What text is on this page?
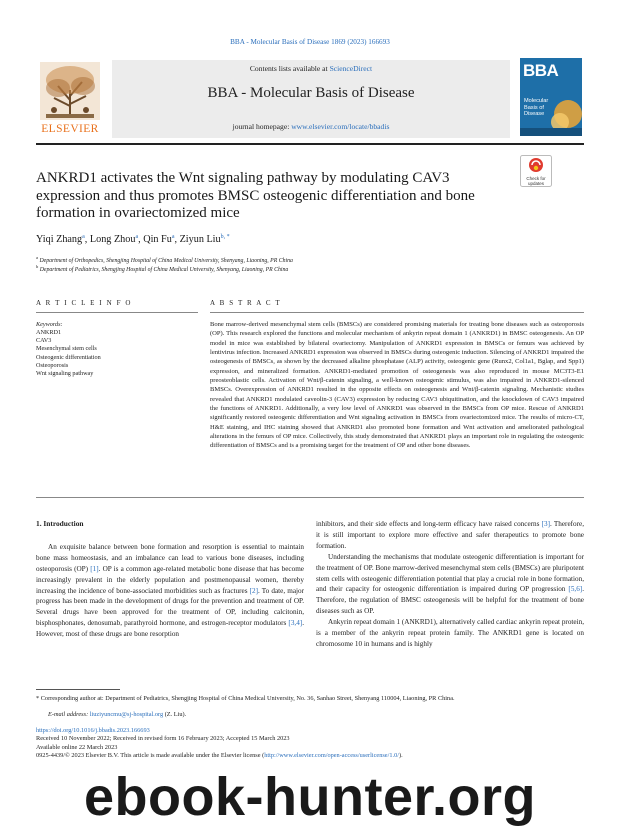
BBA - Molecular Basis of Disease 1869 (2023) 166693
Contents lists available at ScienceDirect
BBA - Molecular Basis of Disease
journal homepage: www.elsevier.com/locate/bbadis
ELSEVIER
BBA
Molecular
Basis of
Disease
ANKRD1 activates the Wnt signaling pathway by modulating CAV3
expression and thus promotes BMSC osteogenic differentiation and bone
formation in ovariectomized mice
Check for
updates
Yiqi Zhang$^a$, Long Zhou$^a$, Qin Fu$^a$, Ziyun Liu$^{b, *}$
$^a$ Department of Orthopedics, Shengjing Hospital of China Medical University, Shenyang, Liaoning, PR China
$^b$ Department of Pediatrics, Shengjing Hospital of China Medical University, Shenyang, Liaoning, PR China
A R T I C L E I N F O	A B S T R A C T
Keywords:
ANKRD1
CAV3
Mesenchymal stem cells
Osteogenic differentiation
Osteoporosis
Wnt signaling pathway
Bone marrow-derived mesenchymal stem cells (BMSCs) are considered promising materials for treating bone diseases such as osteoporosis (OP). This research explored the functions and molecular mechanism of ankyrin repeat domain 1 (ANKRD1) in BMSC osteogenesis. An OP model in mice was established by bilateral ovariectomy. Manipulation of ANKRD1 expression in BMSCs or femurs was achieved by lentivirus infection. Increased ANKRD1 expression was observed in BMSCs during osteogenic induction. Silencing of ANKRD1 impaired the osteogenesis of BMSCs, as shown by the decreased alkaline phosphatase (ALP) activity, osteogenic gene (Runx2, Col1a1, Bglap, and Spp1) expression, and mineralized formation. ANKRD1-mediated promotion of osteogenesis was also reproduced in mouse MC3T3-E1 preosteoblastic cells. Activation of Wnt/β-catenin signaling, a well-known osteogenic stimulus, was also impaired in ANKRD1-silenced BMSCs. Overexpression of ANKRD1 resulted in the opposite effects on osteogenesis and Wnt/β-catenin signaling. Mechanistic studies revealed that ANKRD1 modulated caveolin-3 (CAV3) expression by reducing CAV3 ubiquitination, and the knockdown of CAV3 impaired the functions of ANKRD1. Additionally, a very low level of ANKRD1 was observed in the BMSCs from OP mice. Rescue of ANKRD1 significantly restored osteogenic differentiation and Wnt signaling activation in BMSCs from ovariectomized mice. The results of micro-CT, H&E staining, and IHC staining showed that ANKRD1 also promoted bone formation and Wnt activation and ameliorated pathological alterations in the femurs of OP mice. Collectively, this study demonstrated that ANKRD1 plays an important role in regulating the osteogenic differentiation of BMSCs and is a promising target for the treatment of OP and other bone diseases.
1. Introduction

An exquisite balance between bone formation and resorption is essential to maintain bone mass homeostasis, and an imbalance can lead to various bone diseases, including osteoporosis (OP) [1]. OP is a common age-related metabolic bone disease that has become increasingly prevalent in the elderly population and postmenopausal women, thereby increasing the incidence of bone-associated morbidities such as fractures [2]. To date, major progress has been made in the development of drugs for the prevention and treatment of OP. Several drugs have been approved for the treatment of OP, including calcitonin, bisphosphonates, denosumab, parathyroid hormone, and estrogen-receptor modulators [3,4]. However, most of these drugs are bone resorption

inhibitors, and their side effects and long-term efficacy have raised concerns [3]. Therefore, it is still important to explore more effective and safer therapeutics to promote bone formation.

Understanding the mechanisms that modulate osteogenic differentiation is important for the treatment of OP. Bone marrow-derived mesenchymal stem cells (BMSCs) are pluripotent stem cells with osteogenic differentiation potential that play a crucial role in bone formation, and their capacity for osteogenic differentiation is impaired during OP progression [5,6]. Therefore, the regulation of BMSC osteogenesis will be helpful for the treatment of bone diseases such as OP.

Ankyrin repeat domain 1 (ANKRD1), alternatively called cardiac ankyrin repeat protein, is a member of the ankyrin repeat protein family. The ANKRD1 gene is located on chromosome 10 in humans and is highly

* Corresponding author at: Department of Pediatrics, Shengjing Hospital of China Medical University, No. 36, Sanhao Street, Shenyang 110004, Liaoning, PR China.
E-mail address: liuziyuncmu@sj-hospital.org (Z. Liu).
https://doi.org/10.1016/j.bbadis.2023.166693
Received 10 November 2022; Received in revised form 16 February 2023; Accepted 15 March 2023
Available online 22 March 2023
0925-4439/© 2023 Elsevier B.V. This article is made available under the Elsevier license (http://www.elsevier.com/open-access/userlicense/1.0/).
ebook-hunter.org
